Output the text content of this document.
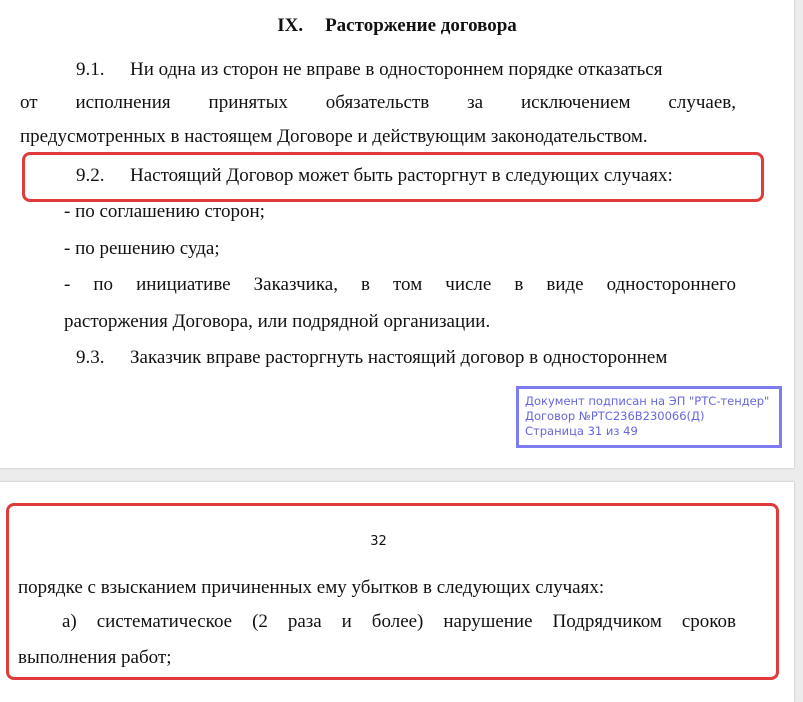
IX. Расторжение договора
9.1. Ни одна из сторон не вправе в одностороннем порядке отказаться
от исполнения принятых обязательств за исключением случаев,
предусмотренных в настоящем Договоре и действующим законодательством.
9.2. Настоящий Договор может быть расторгнут в следующих случаях:
- по соглашению сторон;
- по решению суда;
- по инициативе Заказчика, в том числе в виде одностороннего
расторжения Договора, или подрядной организации.
9.3. Заказчик вправе расторгнуть настоящий договор в одностороннем
Документ подписан на ЭП "РТС-тендер"
Договор №РТС236В230066(Д)
Страница 31 из 49
32
порядке с взысканием причиненных ему убытков в следующих случаях:
а) систематическое (2 раза и более) нарушение Подрядчиком сроков
выполнения работ;
